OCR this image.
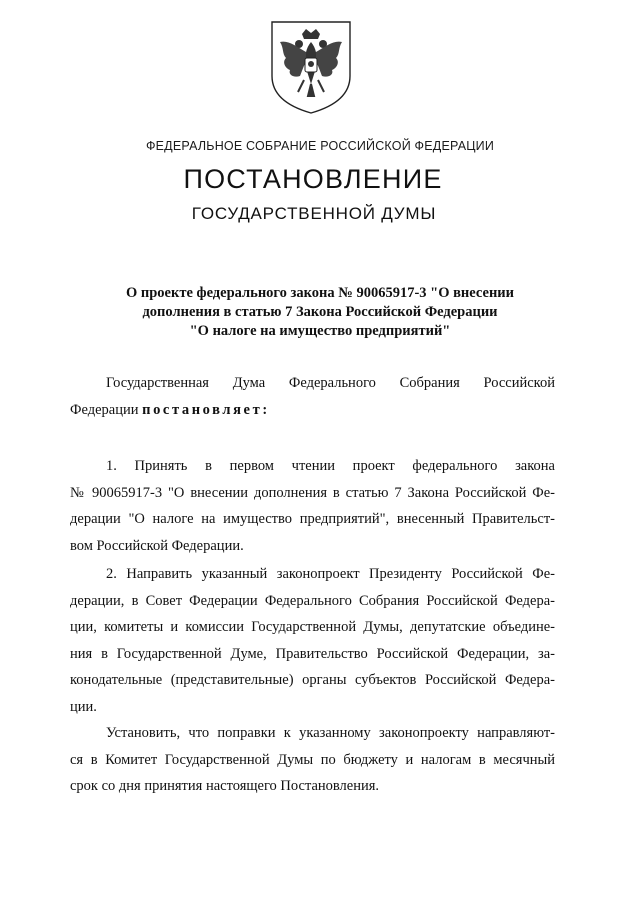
ФЕДЕРАЛЬНОЕ СОБРАНИЕ РОССИЙСКОЙ ФЕДЕРАЦИИ
ПОСТАНОВЛЕНИЕ
ГОСУДАРСТВЕННОЙ ДУМЫ
О проекте федерального закона № 90065917-3 "О внесении
дополнения в статью 7 Закона Российской Федерации
"О налоге на имущество предприятий"
Государственная Дума Федерального Собрания Российской
Федерации постановляет:
1. Принять в первом чтении проект федерального закона
№ 90065917-3 "О внесении дополнения в статью 7 Закона Российской Фе-
дерации "О налоге на имущество предприятий", внесенный Правительст-
вом Российской Федерации.
2. Направить указанный законопроект Президенту Российской Фе-
дерации, в Совет Федерации Федерального Собрания Российской Федера-
ции, комитеты и комиссии Государственной Думы, депутатские объедине-
ния в Государственной Думе, Правительство Российской Федерации, за-
конодательные (представительные) органы субъектов Российской Федера-
ции.
Установить, что поправки к указанному законопроекту направляют-
ся в Комитет Государственной Думы по бюджету и налогам в месячный
срок со дня принятия настоящего Постановления.
